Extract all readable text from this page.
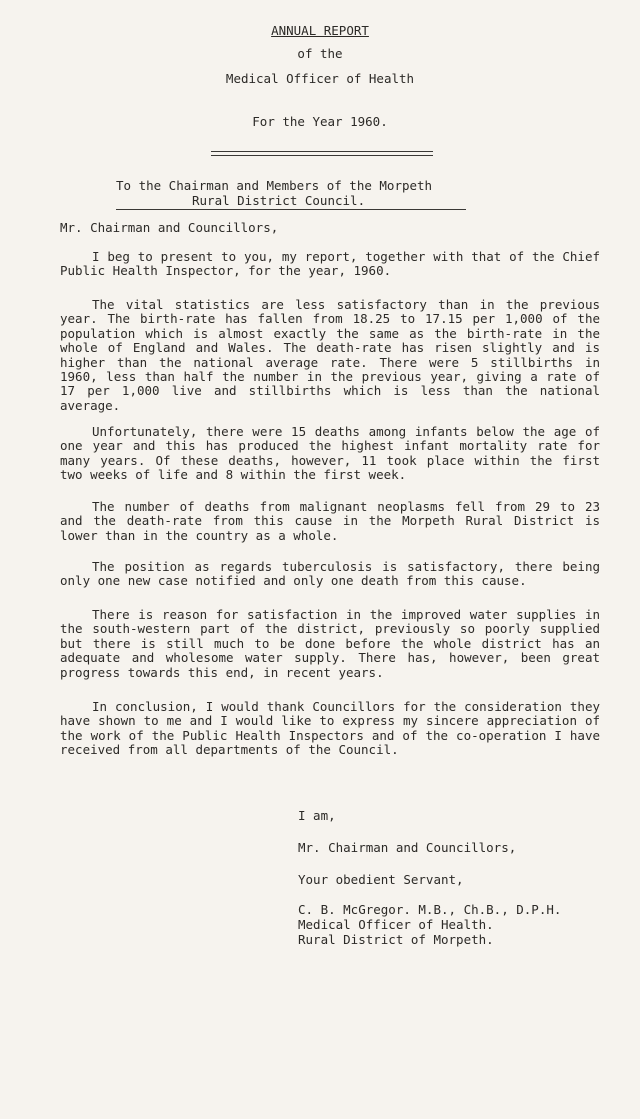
ANNUAL REPORT
of the
Medical Officer of Health
For the Year 1960.
To the Chairman and Members of the Morpeth
Rural District Council.
Mr. Chairman and Councillors,

I beg to present to you, my report, together with that of the Chief Public Health Inspector, for the year, 1960.

The vital statistics are less satisfactory than in the previous year. The birth-rate has fallen from 18.25 to 17.15 per 1,000 of the population which is almost exactly the same as the birth-rate in the whole of England and Wales. The death-rate has risen slightly and is higher than the national average rate. There were 5 stillbirths in 1960, less than half the number in the previous year, giving a rate of 17 per 1,000 live and stillbirths which is less than the national average.

Unfortunately, there were 15 deaths among infants below the age of one year and this has produced the highest infant mortality rate for many years. Of these deaths, however, 11 took place within the first two weeks of life and 8 within the first week.

The number of deaths from malignant neoplasms fell from 29 to 23 and the death-rate from this cause in the Morpeth Rural District is lower than in the country as a whole.

The position as regards tuberculosis is satisfactory, there being only one new case notified and only one death from this cause.

There is reason for satisfaction in the improved water supplies in the south-western part of the district, previously so poorly supplied but there is still much to be done before the whole district has an adequate and wholesome water supply. There has, however, been great progress towards this end, in recent years.

In conclusion, I would thank Councillors for the consideration they have shown to me and I would like to express my sincere appreciation of the work of the Public Health Inspectors and of the co-operation I have received from all departments of the Council.

I am,
Mr. Chairman and Councillors,
Your obedient Servant,
C. B. McGregor. M.B., Ch.B., D.P.H.
Medical Officer of Health.
Rural District of Morpeth.
